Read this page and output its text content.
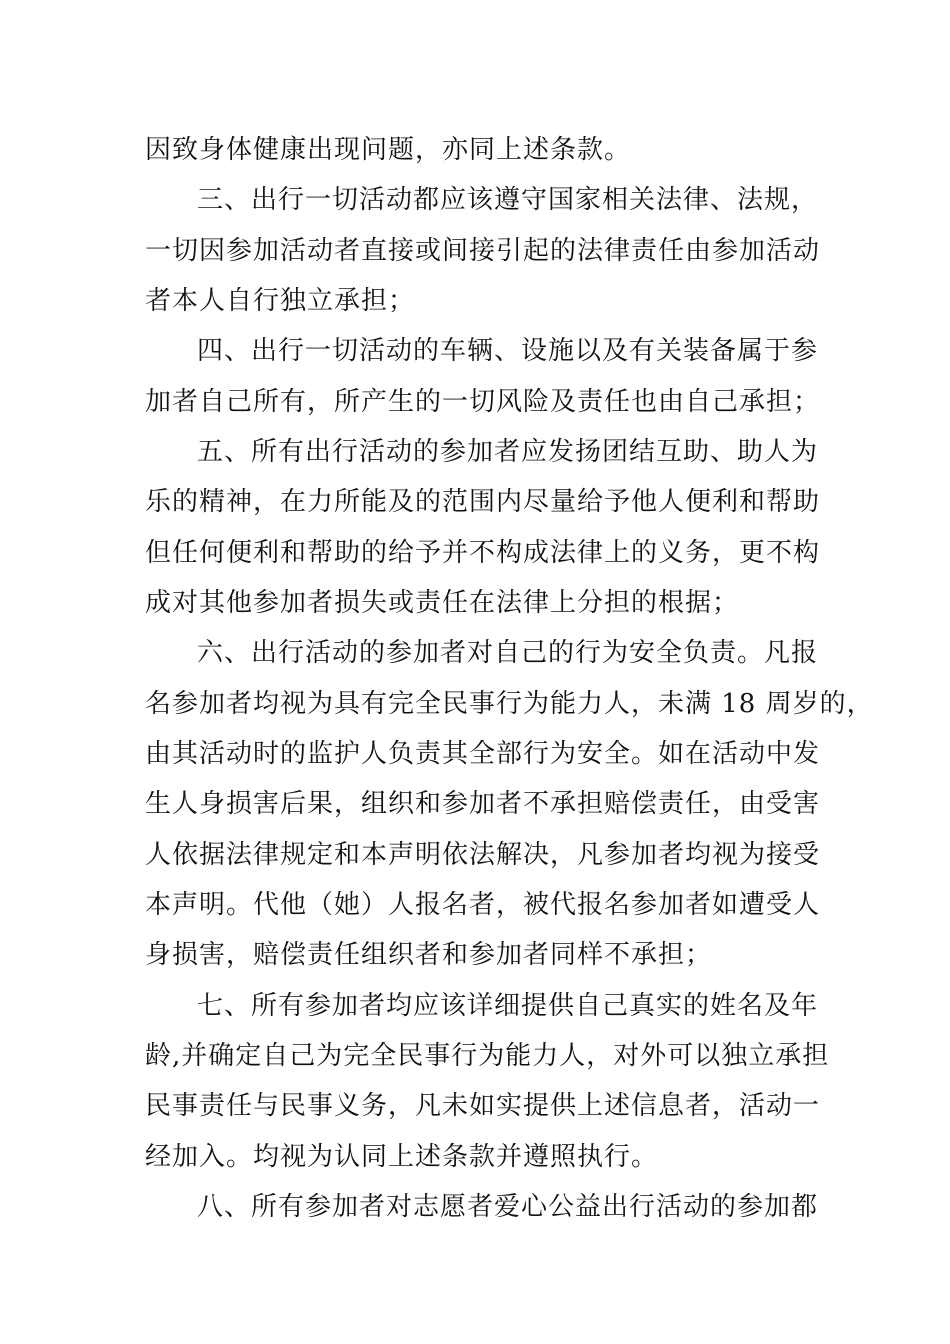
因致身体健康出现问题，亦同上述条款。
三、出行一切活动都应该遵守国家相关法律、法规，
一切因参加活动者直接或间接引起的法律责任由参加活动
者本人自行独立承担；
四、出行一切活动的车辆、设施以及有关装备属于参
加者自己所有，所产生的一切风险及责任也由自己承担；
五、所有出行活动的参加者应发扬团结互助、助人为
乐的精神，在力所能及的范围内尽量给予他人便利和帮助
但任何便利和帮助的给予并不构成法律上的义务，更不构
成对其他参加者损失或责任在法律上分担的根据；
六、出行活动的参加者对自己的行为安全负责。凡报
名参加者均视为具有完全民事行为能力人，未满 18 周岁的，
由其活动时的监护人负责其全部行为安全。如在活动中发
生人身损害后果，组织和参加者不承担赔偿责任，由受害
人依据法律规定和本声明依法解决，凡参加者均视为接受
本声明。代他（她）人报名者，被代报名参加者如遭受人
身损害，赔偿责任组织者和参加者同样不承担；
七、所有参加者均应该详细提供自己真实的姓名及年
龄,并确定自己为完全民事行为能力人，对外可以独立承担
民事责任与民事义务，凡未如实提供上述信息者，活动一
经加入。均视为认同上述条款并遵照执行。
八、所有参加者对志愿者爱心公益出行活动的参加都
